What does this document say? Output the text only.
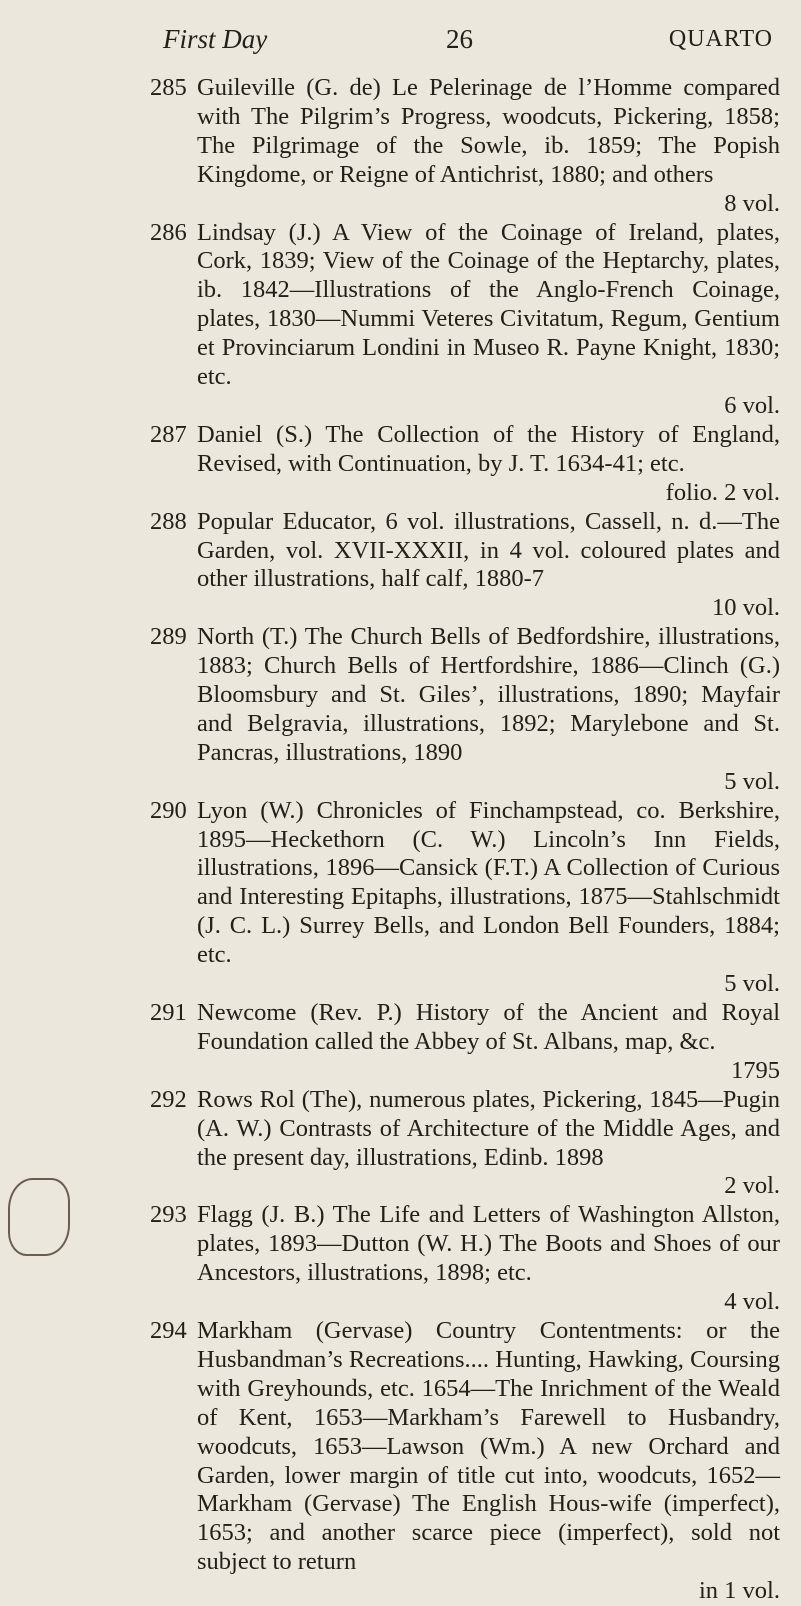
First Day	26	QUARTO
285 Guileville (G. de) Le Pelerinage de l’Homme compared with The Pilgrim’s Progress, woodcuts, Pickering, 1858; The Pilgrimage of the Sowle, ib. 1859; The Popish Kingdome, or Reigne of Antichrist, 1880; and others
8 vol.
286 Lindsay (J.) A View of the Coinage of Ireland, plates, Cork, 1839; View of the Coinage of the Heptarchy, plates, ib. 1842—Illustrations of the Anglo-French Coinage, plates, 1830—Nummi Veteres Civitatum, Regum, Gentium et Provinciarum Londini in Museo R. Payne Knight, 1830; etc.
6 vol.
287 Daniel (S.) The Collection of the History of England, Revised, with Continuation, by J. T. 1634-41; etc.
folio. 2 vol.
288 Popular Educator, 6 vol. illustrations, Cassell, n. d.—The Garden, vol. XVII-XXXII, in 4 vol. coloured plates and other illustrations, half calf, 1880-7
10 vol.
289 North (T.) The Church Bells of Bedfordshire, illustrations, 1883; Church Bells of Hertfordshire, 1886—Clinch (G.) Bloomsbury and St. Giles’, illustrations, 1890; Mayfair and Belgravia, illustrations, 1892; Marylebone and St. Pancras, illustrations, 1890
5 vol.
290 Lyon (W.) Chronicles of Finchampstead, co. Berkshire, 1895—Heckethorn (C. W.) Lincoln’s Inn Fields, illustrations, 1896—Cansick (F.T.) A Collection of Curious and Interesting Epitaphs, illustrations, 1875—Stahlschmidt (J. C. L.) Surrey Bells, and London Bell Founders, 1884; etc.
5 vol.
291 Newcome (Rev. P.) History of the Ancient and Royal Foundation called the Abbey of St. Albans, map, &c.
1795
292 Rows Rol (The), numerous plates, Pickering, 1845—Pugin (A. W.) Contrasts of Architecture of the Middle Ages, and the present day, illustrations, Edinb. 1898
2 vol.
293 Flagg (J. B.) The Life and Letters of Washington Allston, plates, 1893—Dutton (W. H.) The Boots and Shoes of our Ancestors, illustrations, 1898; etc.
4 vol.
294 Markham (Gervase) Country Contentments: or the Husbandman’s Recreations.... Hunting, Hawking, Coursing with Greyhounds, etc. 1654—The Inrichment of the Weald of Kent, 1653—Markham’s Farewell to Husbandry, woodcuts, 1653—Lawson (Wm.) A new Orchard and Garden, lower margin of title cut into, woodcuts, 1652—Markham (Gervase) The English Hous-wife (imperfect), 1653; and another scarce piece (imperfect), sold not subject to return
in 1 vol.
